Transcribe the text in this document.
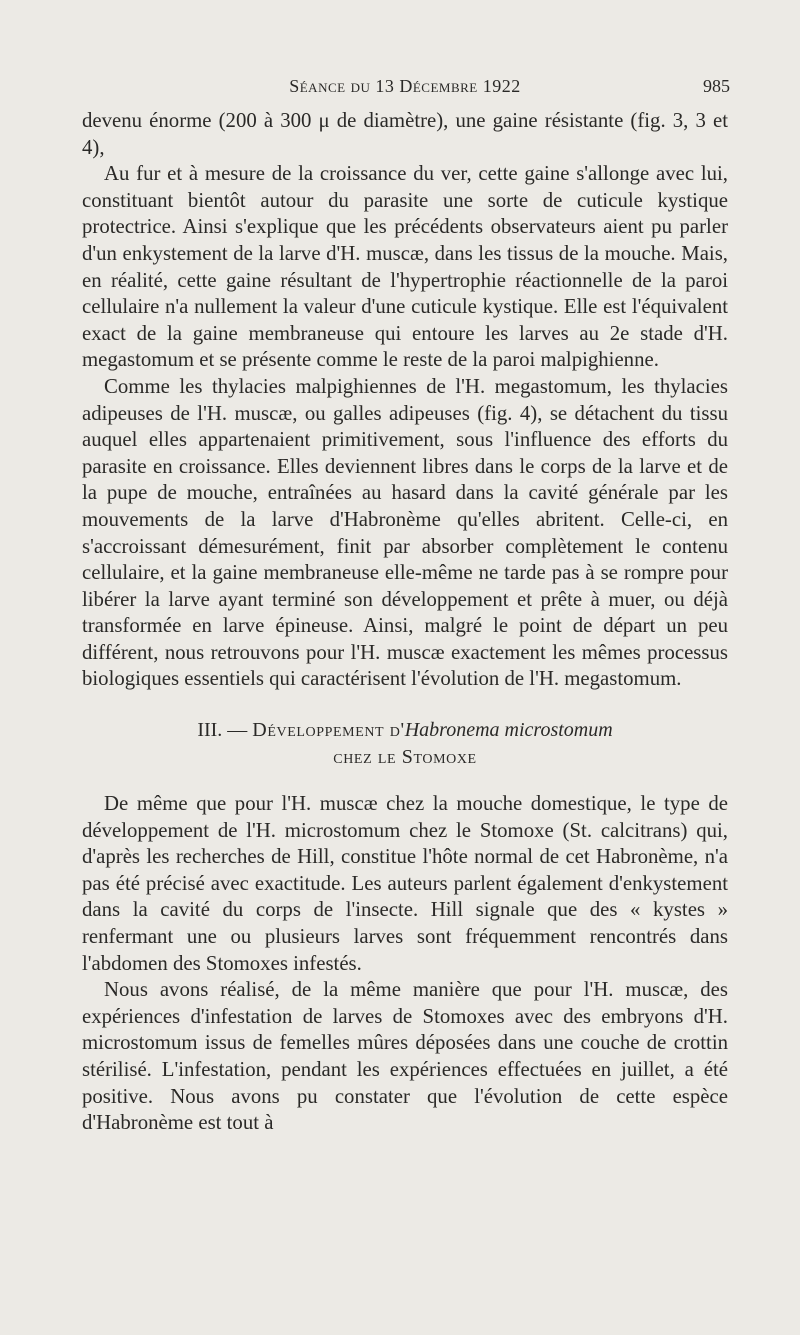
Séance du 13 Décembre 1922	985

devenu énorme (200 à 300 μ de diamètre), une gaine résistante (fig. 3, 3 et 4),

Au fur et à mesure de la croissance du ver, cette gaine s'allonge avec lui, constituant bientôt autour du parasite une sorte de cuticule kystique protectrice. Ainsi s'explique que les précédents observateurs aient pu parler d'un enkystement de la larve d'H. muscæ, dans les tissus de la mouche. Mais, en réalité, cette gaine résultant de l'hypertrophie réactionnelle de la paroi cellulaire n'a nullement la valeur d'une cuticule kystique. Elle est l'équivalent exact de la gaine membraneuse qui entoure les larves au 2e stade d'H. megastomum et se présente comme le reste de la paroi malpighienne.

Comme les thylacies malpighiennes de l'H. megastomum, les thylacies adipeuses de l'H. muscæ, ou galles adipeuses (fig. 4), se détachent du tissu auquel elles appartenaient primitivement, sous l'influence des efforts du parasite en croissance. Elles deviennent libres dans le corps de la larve et de la pupe de mouche, entraînées au hasard dans la cavité générale par les mouvements de la larve d'Habronème qu'elles abritent. Celle-ci, en s'accroissant démesurément, finit par absorber complètement le contenu cellulaire, et la gaine membraneuse elle-même ne tarde pas à se rompre pour libérer la larve ayant terminé son développement et prête à muer, ou déjà transformée en larve épineuse. Ainsi, malgré le point de départ un peu différent, nous retrouvons pour l'H. muscæ exactement les mêmes processus biologiques essentiels qui caractérisent l'évolution de l'H. megastomum.

III. — Développement d'Habronema microstomum
chez le Stomoxe

De même que pour l'H. muscæ chez la mouche domestique, le type de développement de l'H. microstomum chez le Stomoxe (St. calcitrans) qui, d'après les recherches de Hill, constitue l'hôte normal de cet Habronème, n'a pas été précisé avec exactitude. Les auteurs parlent également d'enkystement dans la cavité du corps de l'insecte. Hill signale que des « kystes » renfermant une ou plusieurs larves sont fréquemment rencontrés dans l'abdomen des Stomoxes infestés.

Nous avons réalisé, de la même manière que pour l'H. muscæ, des expériences d'infestation de larves de Stomoxes avec des embryons d'H. microstomum issus de femelles mûres déposées dans une couche de crottin stérilisé. L'infestation, pendant les expériences effectuées en juillet, a été positive. Nous avons pu constater que l'évolution de cette espèce d'Habronème est tout à
